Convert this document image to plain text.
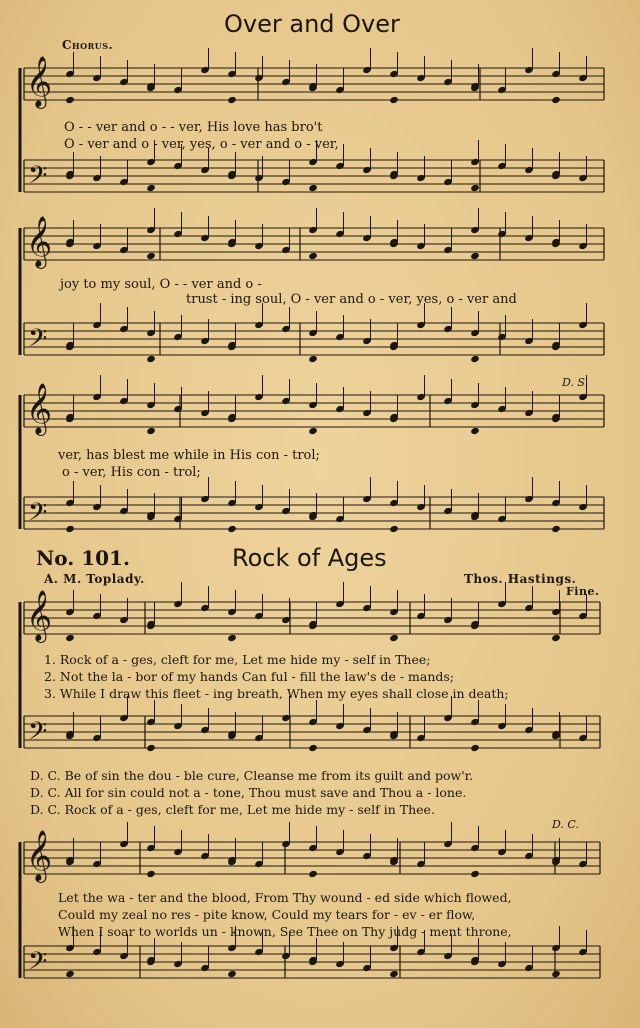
Over and Over
Chorus.
D. S.
𝄞
𝄢
𝄞
𝄢
𝄞
𝄢
𝄞
𝄢
𝄞
𝄢
O - - ver and o - - ver, His love has bro't
O - ver and o - ver, yes, o - ver and o - ver,
joy to my soul, O - - ver and o -
trust - ing soul, O - ver and o - ver, yes, o - ver and
ver, has blest me while in His con - trol;
o - ver, His con - trol;
No. 101.	Rock of Ages
A. M. Toplady.	Thos. Hastings.
Fine.
1. Rock of a - ges, cleft for me, Let me hide my - self in Thee;
2. Not the la - bor of my hands Can ful - fill the law's de - mands;
3. While I draw this fleet - ing breath, When my eyes shall close in death;
D. C. Be of sin the dou - ble cure, Cleanse me from its guilt and pow'r.
D. C. All for sin could not a - tone, Thou must save and Thou a - lone.
D. C. Rock of a - ges, cleft for me, Let me hide my - self in Thee.
D. C.
Let the wa - ter and the blood, From Thy wound - ed side which flowed,
Could my zeal no res - pite know, Could my tears for - ev - er flow,
When I soar to worlds un - known, See Thee on Thy judg - ment throne,
